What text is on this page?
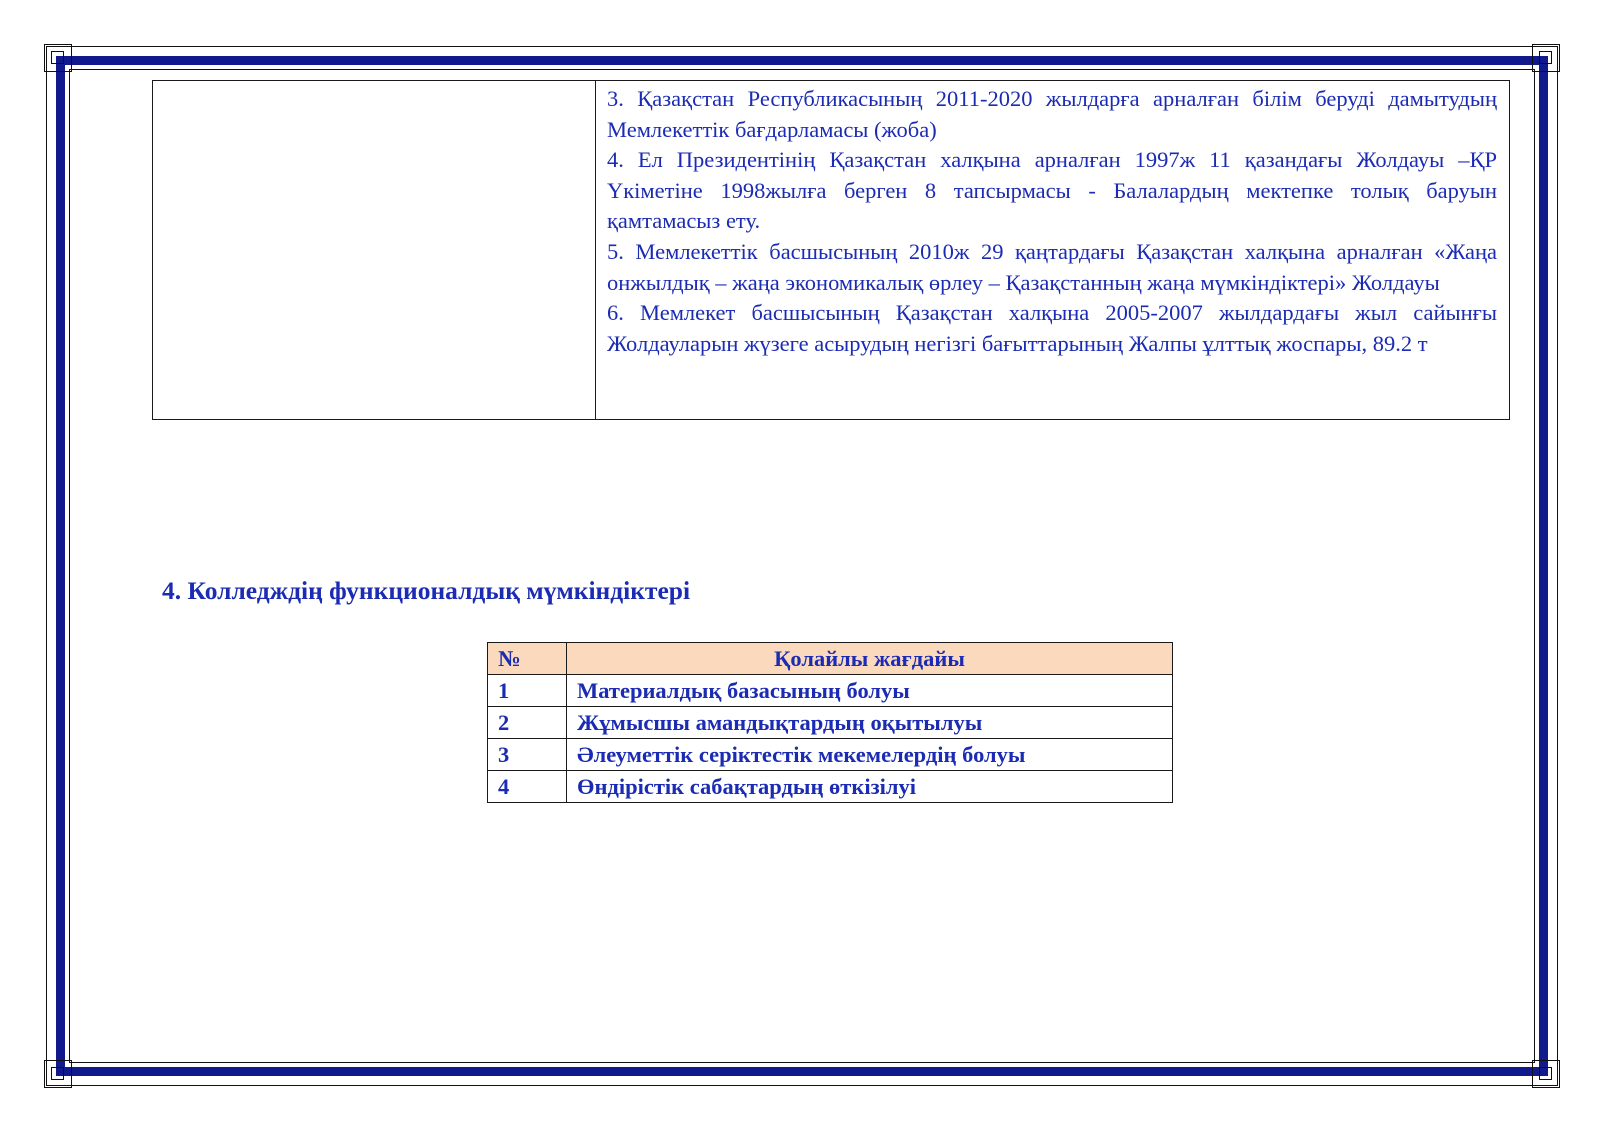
3. Қазақстан Республикасының 2011-2020 жылдарға арналған білім беруді дамытудың Мемлекеттік бағдарламасы (жоба)

4. Ел Президентінің Қазақстан халқына арналған 1997ж 11 қазандағы Жолдауы –ҚР Үкіметіне 1998жылға берген 8 тапсырмасы - Балалардың мектепке толық баруын қамтамасыз ету.

5. Мемлекеттік басшысының 2010ж 29 қаңтардағы Қазақстан халқына арналған «Жаңа онжылдық – жаңа экономикалық өрлеу – Қазақстанның жаңа мүмкіндіктері» Жолдауы

6. Мемлекет басшысының Қазақстан халқына 2005-2007 жылдардағы жыл сайынғы Жолдауларын жүзеге асырудың негізгі бағыттарының Жалпы ұлттық жоспары, 89.2 т

4. Колледждің функционалдық мүмкіндіктері
№	Қолайлы жағдайы
1	Материалдық базасының болуы
2	Жұмысшы амандықтардың оқытылуы
3	Әлеуметтік серіктестік мекемелердің болуы
4	Өндірістік сабақтардың өткізілуі
